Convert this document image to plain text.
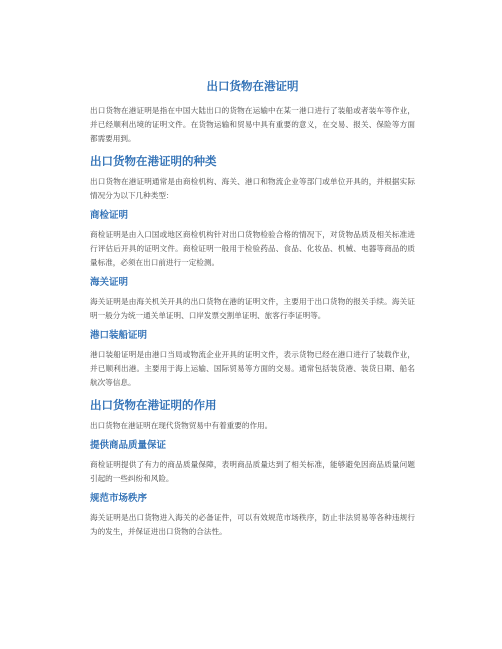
出口货物在港证明

出口货物在港证明是指在中国大陆出口的货物在运输中在某一港口进行了装船或者装车等作业，并已经顺利出境的证明文件。在货物运输和贸易中具有重要的意义，在交易、报关、保险等方面都需要用到。

出口货物在港证明的种类

出口货物在港证明通常是由商检机构、海关、港口和物流企业等部门或单位开具的，并根据实际情况分为以下几种类型：

商检证明

商检证明是由入口国或地区商检机构针对出口货物检验合格的情况下，对货物品质及相关标准进行评估后开具的证明文件。商检证明一般用于检验药品、食品、化妆品、机械、电器等商品的质量标准，必须在出口前进行一定检测。

海关证明

海关证明是由海关机关开具的出口货物在港的证明文件，主要用于出口货物的报关手续。海关证明一般分为统一通关单证明、口岸发票交割单证明、旅客行李证明等。

港口装船证明

港口装船证明是由港口当局或物流企业开具的证明文件，表示货物已经在港口进行了装载作业，并已顺利出港。主要用于海上运输、国际贸易等方面的交易。通常包括装货港、装货日期、船名航次等信息。

出口货物在港证明的作用

出口货物在港证明在现代货物贸易中有着重要的作用。

提供商品质量保证

商检证明提供了有力的商品质量保障，表明商品质量达到了相关标准，能够避免因商品质量问题引起的一些纠纷和风险。

规范市场秩序

海关证明是出口货物进入海关的必备证件，可以有效规范市场秩序，防止非法贸易等各种违规行为的发生，并保证进出口货物的合法性。
